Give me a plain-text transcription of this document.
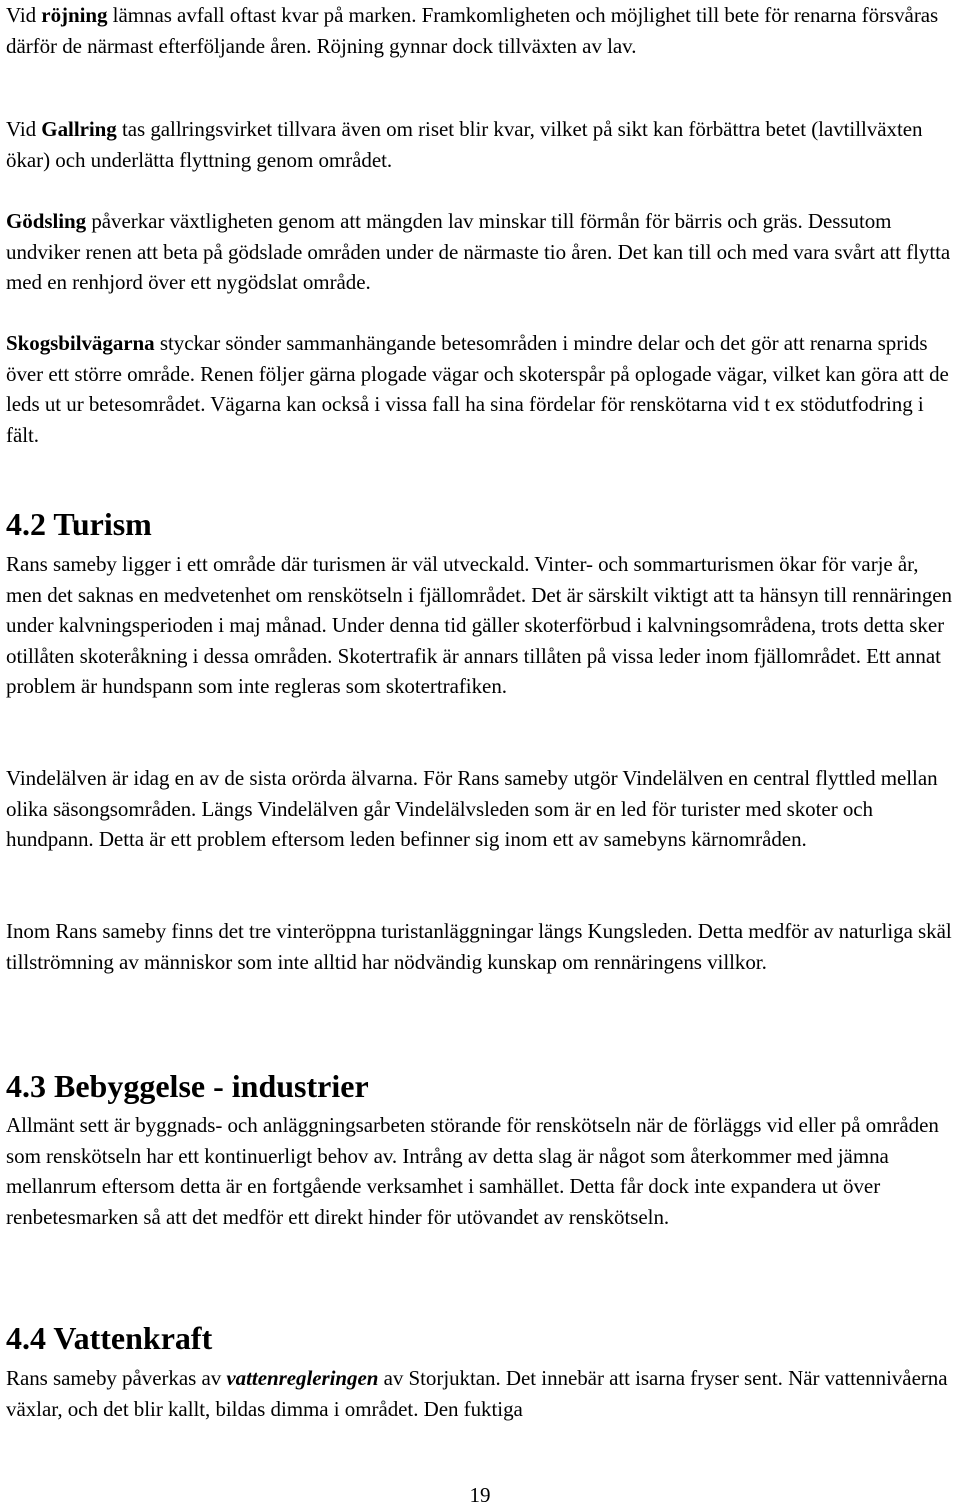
Vid röjning lämnas avfall oftast kvar på marken. Framkomligheten och möjlighet till bete för renarna försvåras därför de närmast efterföljande åren. Röjning gynnar dock tillväxten av lav.

Vid Gallring tas gallringsvirket tillvara även om riset blir kvar, vilket på sikt kan förbättra betet (lavtillväxten ökar) och underlätta flyttning genom området.

Gödsling påverkar växtligheten genom att mängden lav minskar till förmån för bärris och gräs. Dessutom undviker renen att beta på gödslade områden under de närmaste tio åren. Det kan till och med vara svårt att flytta med en renhjord över ett nygödslat område.

Skogsbilvägarna styckar sönder sammanhängande betesområden i mindre delar och det gör att renarna sprids över ett större område. Renen följer gärna plogade vägar och skoterspår på oplogade vägar, vilket kan göra att de leds ut ur betesområdet. Vägarna kan också i vissa fall ha sina fördelar för renskötarna vid t ex stödutfodring i fält.

4.2 Turism

Rans sameby ligger i ett område där turismen är väl utveckald. Vinter- och sommarturismen ökar för varje år, men det saknas en medvetenhet om renskötseln i fjällområdet. Det är särskilt viktigt att ta hänsyn till rennäringen under kalvningsperioden i maj månad. Under denna tid gäller skoterförbud i kalvningsområdena, trots detta sker otillåten skoteråkning i dessa områden. Skotertrafik är annars tillåten på vissa leder inom fjällområdet. Ett annat problem är hundspann som inte regleras som skotertrafiken.

Vindelälven är idag en av de sista orörda älvarna. För Rans sameby utgör Vindelälven en central flyttled mellan olika säsongsområden. Längs Vindelälven går Vindelälvsleden som är en led för turister med skoter och hundpann. Detta är ett problem eftersom leden befinner sig inom ett av samebyns kärnområden.

Inom Rans sameby finns det tre vinteröppna turistanläggningar längs Kungsleden. Detta medför av naturliga skäl tillströmning av människor som inte alltid har nödvändig kunskap om rennäringens villkor.

4.3 Bebyggelse - industrier

Allmänt sett är byggnads- och anläggningsarbeten störande för renskötseln när de förläggs vid eller på områden som renskötseln har ett kontinuerligt behov av. Intrång av detta slag är något som återkommer med jämna mellanrum eftersom detta är en fortgående verksamhet i samhället. Detta får dock inte expandera ut över renbetesmarken så att det medför ett direkt hinder för utövandet av renskötseln.

4.4 Vattenkraft

Rans sameby påverkas av vattenregleringen av Storjuktan. Det innebär att isarna fryser sent. När vattennivåerna växlar, och det blir kallt, bildas dimma i området. Den fuktiga

19
